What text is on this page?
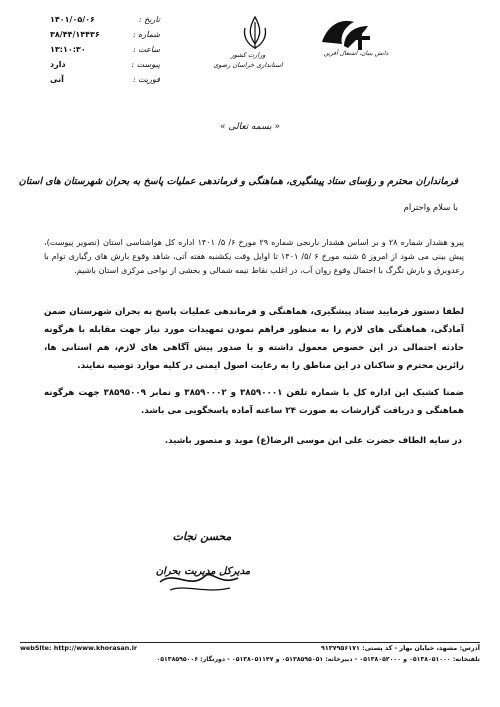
تاریخ :
۱۴۰۱/۰۵/۰۶
شماره :
۳۸/۴۴/۱۴۴۳۶
ساعت :
۱۳:۱۰:۳۰
پیوست :
دارد
فوریت :
آنی
وزارت کشور
استانداری خراسان رضوی
دانش بنیان، اشتغال آفرین
« بسمه تعالی »
فرمانداران محترم و رؤسای ستاد پیشگیری، هماهنگی و فرماندهی عملیات پاسخ به بحران شهرستان های استان
با سلام واحترام
پیرو هشدار شماره ۲۸ و بر اساس هشدار نارنجی شماره ۲۹ مورخ ۶/ ۵/ ۱۴۰۱ اداره کل هواشناسی استان (تصویر پیوست)، پیش بینی می شود از امروز ۵ شنبه مورخ ۶ /۵/ ۱۴۰۱ تا اوایل وقت یکشنبه هفته آتی، شاهد وقوع بارش های رگباری توام با رعدوبرق و بارش تگرگ با احتمال وقوع روان آب، در اغلب نقاط نیمه شمالی و بخشی از نواحی مرکزی استان باشیم.
لطفا دستور فرمایید ستاد پیشگیری، هماهنگی و فرماندهی عملیات پاسخ به بحران شهرستان ضمن آمادگی، هماهنگی های لازم را به منظور فراهم نمودن تمهیدات مورد نیاز جهت مقابله با هرگونه حادثه احتمالی در این خصوص معمول داشته و با صدور پیش آگاهی های لازم، هم استانی ها، زائرین محترم و ساکنان در این مناطق را به رعایت اصول ایمنی در کلیه موارد توصیه نمایند.
ضمنا کشیک این اداره کل با شماره تلفن ۳۸۵۹۰۰۰۱ و ۳۸۵۹۰۰۰۲ و نمابر ۳۸۵۹۵۰۰۹ جهت هرگونه هماهنگی و دریافت گزارشات به صورت ۲۴ ساعته آماده پاسخگویی می باشد.
در سایه الطاف حضرت علی ابن موسی الرضا(ع) موید و منصور باشید.
محسن نجات
مدیرکل مدیریت بحران
webSite: http://www.khorasan.ir	آدرس: مشهد، خیابان بهار - کد پستی: ۹۱۳۷۹۵۶۱۷۱
تلفنخانه: ۰۵۱۳۸۰۵۱۰۰۰ و ۰۵۱۳۸۰۵۲۰۰۰ - دبیرخانه: ۰۵۱۳۸۵۹۵۰۵۱ و ۰۵۱۳۸۰۵۱۱۴۷ - دورنگار: ۰۵۱۳۸۵۹۵۰۰۶
